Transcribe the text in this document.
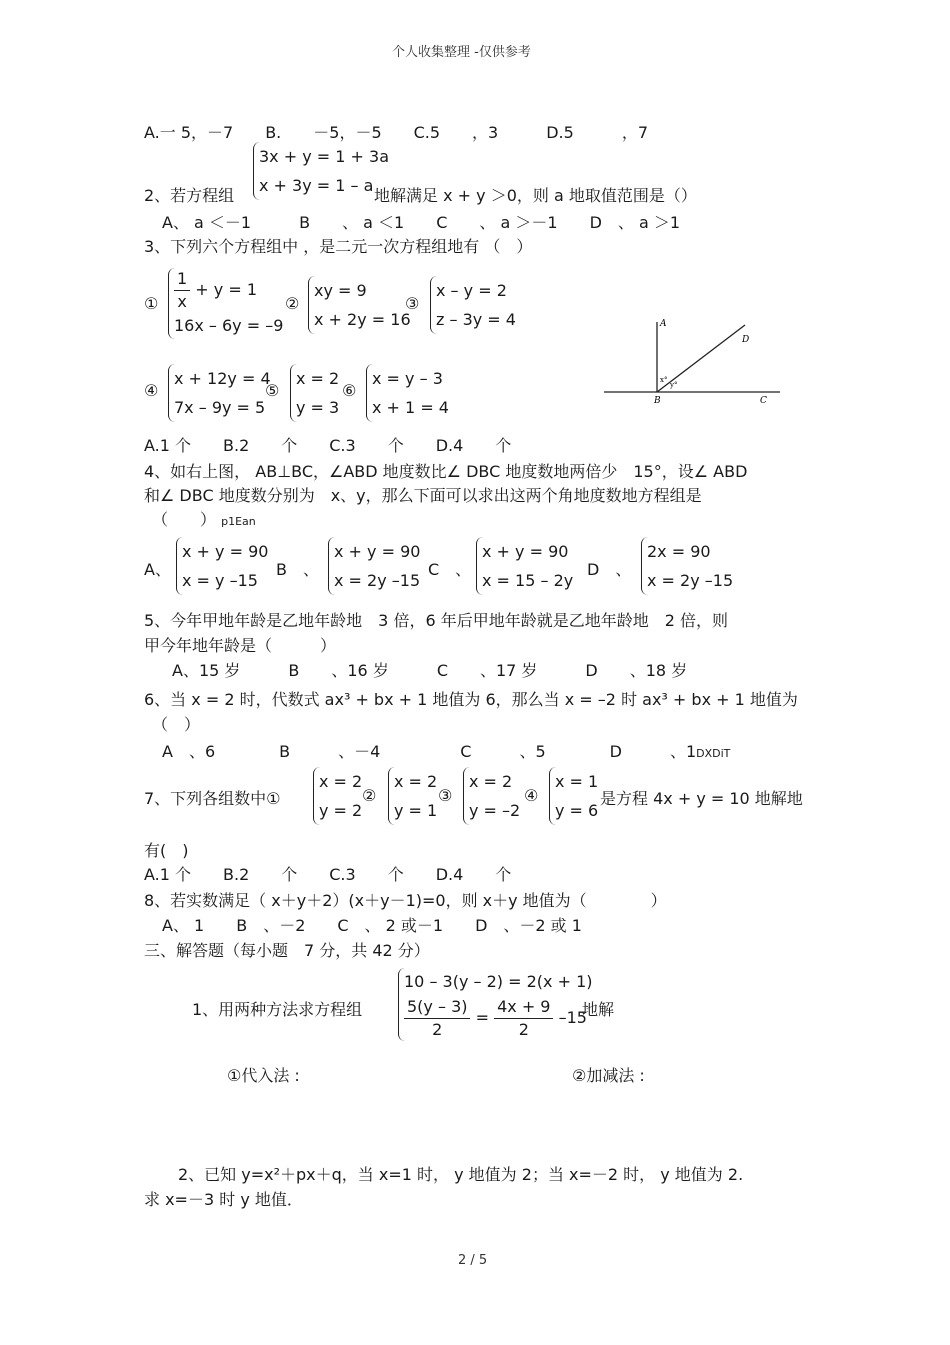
个人收集整理 -仅供参考
A.一 5，－7　　B.　　－5，－5　　C.5　　，3　　　D.5　　　，7
2、若方程组
3x + y = 1 + 3a
x + 3y = 1 – a
地解满足 x + y ＞0，则 a 地取值范围是（）
A、 a ＜－1　　　B　　、 a ＜1　　C　　、 a ＞－1　　D　、 a ＞1
3、下列六个方程组中 ，是二元一次方程组地有 （　）
① $\frac{1}{x} + y = 1$
16x – 6y = –9
②
xy = 9
x + 2y = 16
③
x – y = 2
z – 3y = 4
④
x + 12y = 4
7x – 9y = 5
⑤
x = 2
y = 3
⑥
x = y – 3
x + 1 = 4
A
D
B	C
x°
y°
A.1 个　　B.2　　个　　C.3　　个　　D.4　　个
4、如右上图， AB⊥BC，∠ABD 地度数比∠ DBC 地度数地两倍少　15°，设∠ ABD
和∠ DBC 地度数分别为　x、y，那么下面可以求出这两个角地度数地方程组是
（　　） p1Ean
A、
x + y = 90
x = y –15
B　、
x + y = 90
x = 2y –15
C　、
x + y = 90
x = 15 – 2y
D　、
2x = 90
x = 2y –15
5、今年甲地年龄是乙地年龄地　3 倍，6 年后甲地年龄就是乙地年龄地　2 倍，则
甲今年地年龄是（　　　）
A、15 岁　　　B　　、16 岁　　　C　　、17 岁　　　D　　、18 岁
6、当 x = 2 时，代数式 ax³ + bx + 1 地值为 6，那么当 x = –2 时 ax³ + bx + 1 地值为
（　）
A　、6　　　　B　　　、－4　　　　　C　　　、5　　　　D　　　、1DXDiT
7、下列各组数中①
x = 2
y = 2
②
x = 2
y = 1
③
x = 2
y = –2
④
x = 1
y = 6
是方程 4x + y = 10 地解地
有(　)
A.1 个　　B.2　　个　　C.3　　个　　D.4　　个
8、若实数满足（ x＋y＋2）(x＋y－1)=0，则 x＋y 地值为（　　　　）
A、 1　　B　、－2　　C　、 2 或－1　　D　、－2 或 1
三、解答题（每小题　7 分，共 42 分）
1、用两种方法求方程组
10 – 3(y – 2) = 2(x + 1)
$\frac{5(y - 3)}{2} = \frac{4x + 9}{2} -15$
地解
①代入法 :	②加减法 :
2、已知 y=x²＋px＋q，当 x=1 时， y 地值为 2；当 x=－2 时， y 地值为 2.
求 x=－3 时 y 地值．
2 / 5
